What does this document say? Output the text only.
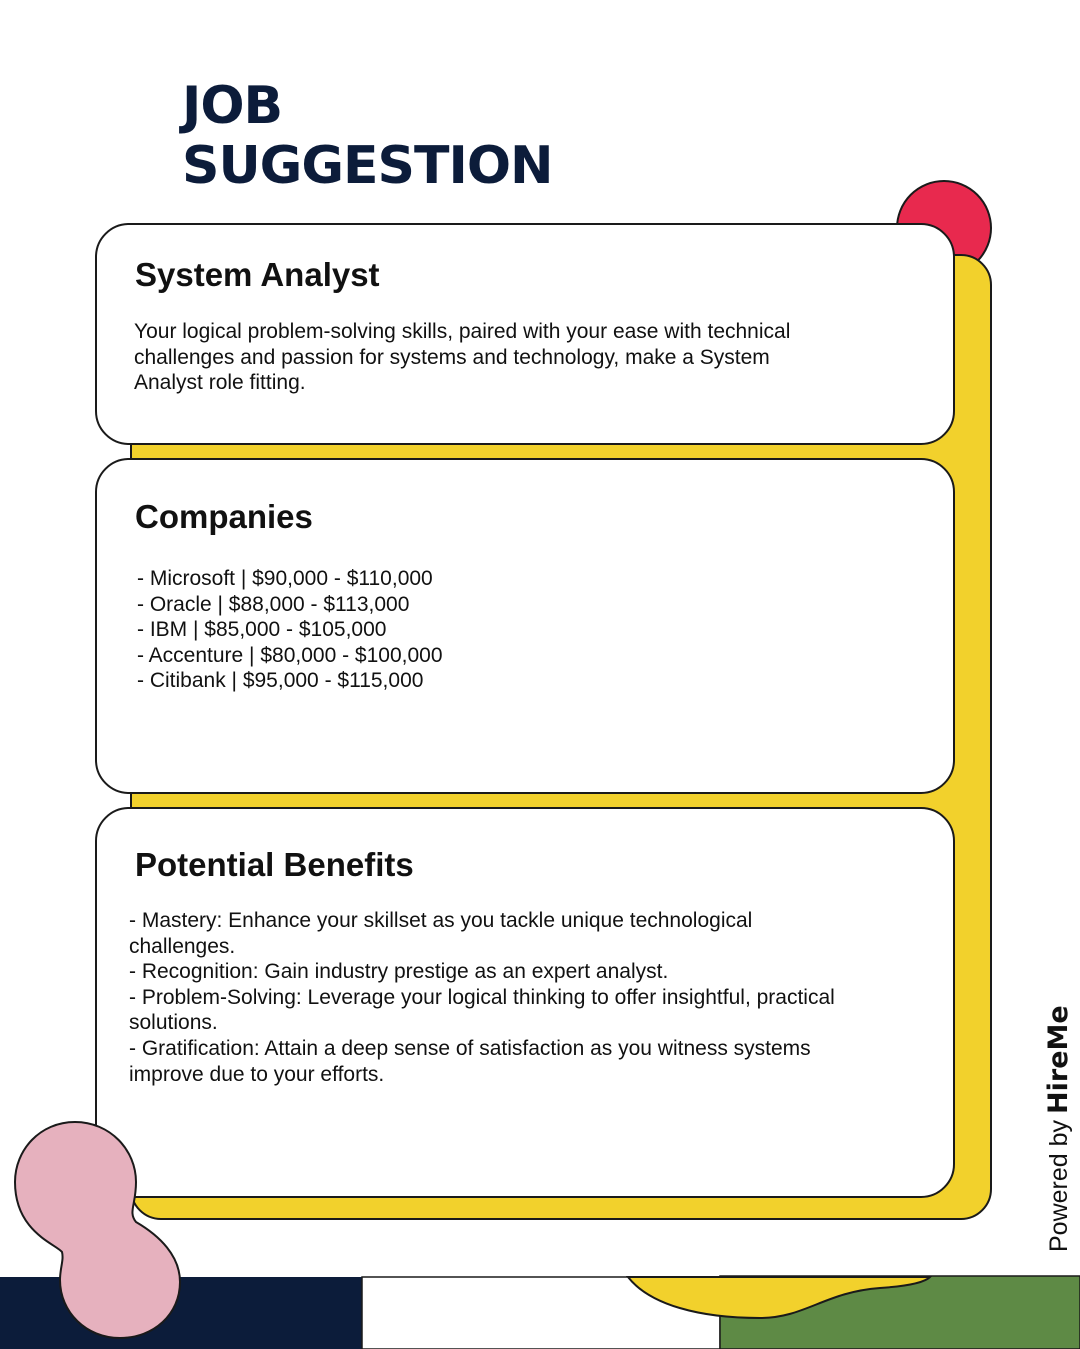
JOB
SUGGESTION
System Analyst

Your logical problem-solving skills, paired with your ease with technical challenges and passion for systems and technology, make a System Analyst role fitting.

Companies
- Microsoft | $90,000 - $110,000
- Oracle | $88,000 - $113,000
- IBM | $85,000 - $105,000
- Accenture | $80,000 - $100,000
- Citibank | $95,000 - $115,000
Potential Benefits
- Mastery: Enhance your skillset as you tackle unique technological challenges.
- Recognition: Gain industry prestige as an expert analyst.
- Problem-Solving: Leverage your logical thinking to offer insightful, practical solutions.
- Gratification: Attain a deep sense of satisfaction as you witness systems improve due to your efforts.
Powered byHireMe
